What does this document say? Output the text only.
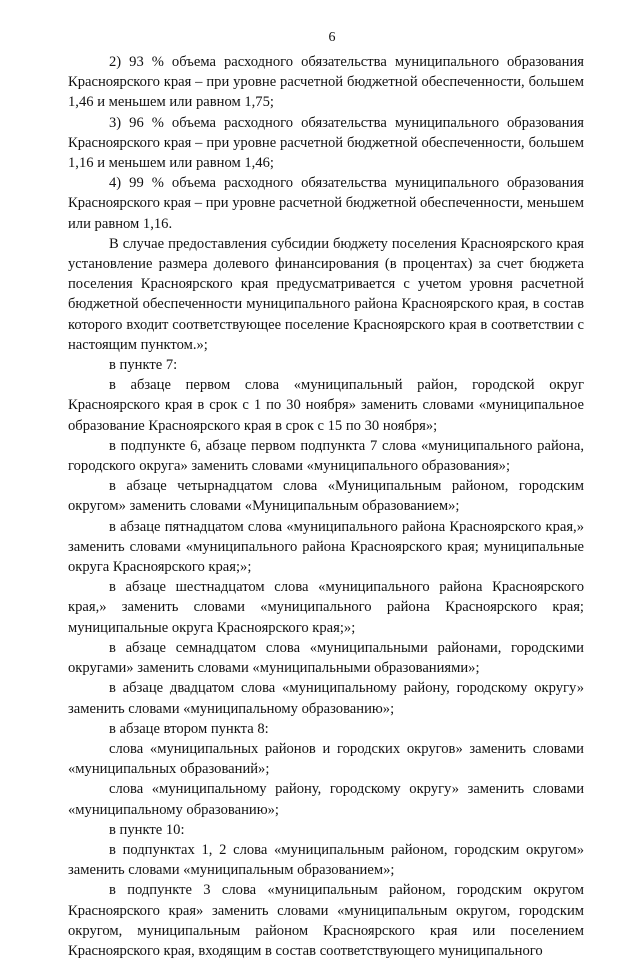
6

2) 93 % объема расходного обязательства муниципального образования Красноярского края – при уровне расчетной бюджетной обеспеченности, большем 1,46 и меньшем или равном 1,75;

3) 96 % объема расходного обязательства муниципального образования Красноярского края – при уровне расчетной бюджетной обеспеченности, большем 1,16 и меньшем или равном 1,46;

4) 99 % объема расходного обязательства муниципального образования Красноярского края – при уровне расчетной бюджетной обеспеченности, меньшем или равном 1,16.

В случае предоставления субсидии бюджету поселения Красноярского края установление размера долевого финансирования (в процентах) за счет бюджета поселения Красноярского края предусматривается с учетом уровня расчетной бюджетной обеспеченности муниципального района Красноярского края, в состав которого входит соответствующее поселение Красноярского края в соответствии с настоящим пунктом.»;

в пункте 7:

в абзаце первом слова «муниципальный район, городской округ Красноярского края в срок с 1 по 30 ноября» заменить словами «муниципальное образование Красноярского края в срок с 15 по 30 ноября»;

в подпункте 6, абзаце первом подпункта 7 слова «муниципального района, городского округа» заменить словами «муниципального образования»;

в абзаце четырнадцатом слова «Муниципальным районом, городским округом» заменить словами «Муниципальным образованием»;

в абзаце пятнадцатом слова «муниципального района Красноярского края,» заменить словами «муниципального района Красноярского края; муниципальные округа Красноярского края;»;

в абзаце шестнадцатом слова «муниципального района Красноярского края,» заменить словами «муниципального района Красноярского края; муниципальные округа Красноярского края;»;

в абзаце семнадцатом слова «муниципальными районами, городскими округами» заменить словами «муниципальными образованиями»;

в абзаце двадцатом слова «муниципальному району, городскому округу» заменить словами «муниципальному образованию»;

в абзаце втором пункта 8:

слова «муниципальных районов и городских округов» заменить словами «муниципальных образований»;

слова «муниципальному району, городскому округу» заменить словами «муниципальному образованию»;

в пункте 10:

в подпунктах 1, 2 слова «муниципальным районом, городским округом» заменить словами «муниципальным образованием»;

в подпункте 3 слова «муниципальным районом, городским округом Красноярского края» заменить словами «муниципальным округом, городским округом, муниципальным районом Красноярского края или поселением Красноярского края, входящим в состав соответствующего муниципального
